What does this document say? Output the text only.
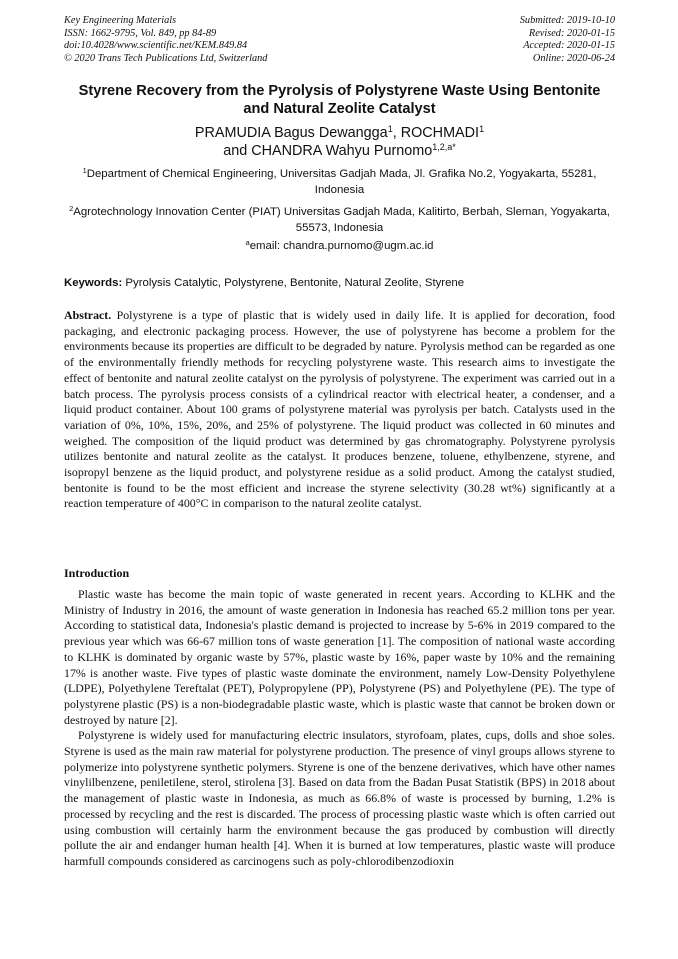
Key Engineering Materials
ISSN: 1662-9795, Vol. 849, pp 84-89
doi:10.4028/www.scientific.net/KEM.849.84
© 2020 Trans Tech Publications Ltd, Switzerland
Submitted: 2019-10-10
Revised: 2020-01-15
Accepted: 2020-01-15
Online: 2020-06-24
Styrene Recovery from the Pyrolysis of Polystyrene Waste Using Bentonite and Natural Zeolite Catalyst
PRAMUDIA Bagus Dewangga$^1$, ROCHMADI$^1$
and CHANDRA Wahyu Purnomo$^{1,2,a*}$
$^1$Department of Chemical Engineering, Universitas Gadjah Mada, Jl. Grafika No.2, Yogyakarta, 55281, Indonesia
$^2$Agrotechnology Innovation Center (PIAT) Universitas Gadjah Mada, Kalitirto, Berbah, Sleman, Yogyakarta, 55573, Indonesia
$^a$email: chandra.purnomo@ugm.ac.id
Keywords: Pyrolysis Catalytic, Polystyrene, Bentonite, Natural Zeolite, Styrene

Abstract. Polystyrene is a type of plastic that is widely used in daily life. It is applied for decoration, food packaging, and electronic packaging process. However, the use of polystyrene has become a problem for the environments because its properties are difficult to be degraded by nature. Pyrolysis method can be regarded as one of the environmentally friendly methods for recycling polystyrene waste. This research aims to investigate the effect of bentonite and natural zeolite catalyst on the pyrolysis of polystyrene. The experiment was carried out in a batch process. The pyrolysis process consists of a cylindrical reactor with electrical heater, a condenser, and a liquid product container. About 100 grams of polystyrene material was pyrolysis per batch. Catalysts used in the variation of 0%, 10%, 15%, 20%, and 25% of polystyrene. The liquid product was collected in 60 minutes and weighed. The composition of the liquid product was determined by gas chromatography. Polystyrene pyrolysis utilizes bentonite and natural zeolite as the catalyst. It produces benzene, toluene, ethylbenzene, styrene, and isopropyl benzene as the liquid product, and polystyrene residue as a solid product. Among the catalyst studied, bentonite is found to be the most efficient and increase the styrene selectivity (30.28 wt%) significantly at a reaction temperature of 400°C in comparison to the natural zeolite catalyst.

Introduction

Plastic waste has become the main topic of waste generated in recent years. According to KLHK and the Ministry of Industry in 2016, the amount of waste generation in Indonesia has reached 65.2 million tons per year. According to statistical data, Indonesia's plastic demand is projected to increase by 5-6% in 2019 compared to the previous year which was 66-67 million tons of waste generation [1]. The composition of national waste according to KLHK is dominated by organic waste by 57%, plastic waste by 16%, paper waste by 10% and the remaining 17% is another waste. Five types of plastic waste dominate the environment, namely Low-Density Polyethylene (LDPE), Polyethylene Tereftalat (PET), Polypropylene (PP), Polystyrene (PS) and Polyethylene (PE). The type of polystyrene plastic (PS) is a non-biodegradable plastic waste, which is plastic waste that cannot be broken down or destroyed by nature [2].

Polystyrene is widely used for manufacturing electric insulators, styrofoam, plates, cups, dolls and shoe soles. Styrene is used as the main raw material for polystyrene production. The presence of vinyl groups allows styrene to polymerize into polystyrene synthetic polymers. Styrene is one of the benzene derivatives, which have other names vinylilbenzene, peniletilene, sterol, stirolena [3]. Based on data from the Badan Pusat Statistik (BPS) in 2018 about the management of plastic waste in Indonesia, as much as 66.8% of waste is processed by burning, 1.2% is processed by recycling and the rest is discarded. The process of processing plastic waste which is often carried out using combustion will certainly harm the environment because the gas produced by combustion will directly pollute the air and endanger human health [4]. When it is burned at low temperatures, plastic waste will produce harmfull compounds considered as carcinogens such as poly-chlorodibenzodioxin
